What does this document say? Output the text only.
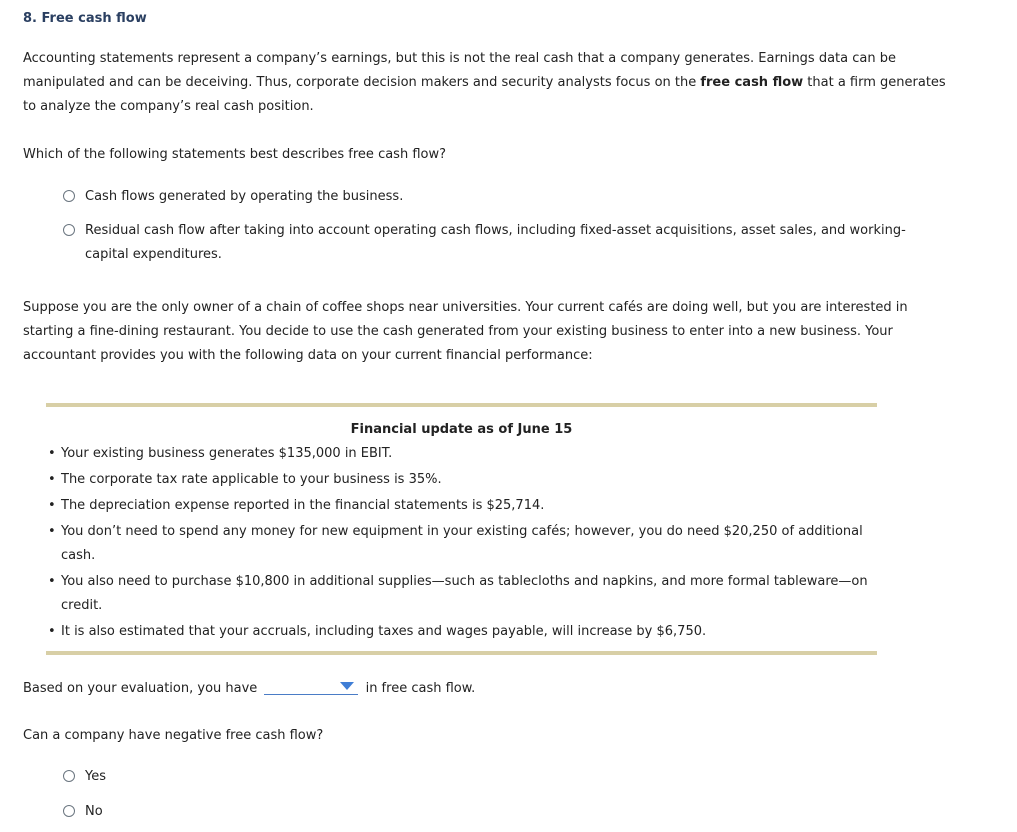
8. Free cash flow

Accounting statements represent a company’s earnings, but this is not the real cash that a company generates. Earnings data can be manipulated and can be deceiving. Thus, corporate decision makers and security analysts focus on the free cash flow that a firm generates to analyze the company’s real cash position.

Which of the following statements best describes free cash flow?

Cash flows generated by operating the business.
Residual cash flow after taking into account operating cash flows, including fixed-asset acquisitions, asset sales, and working-capital expenditures.

Suppose you are the only owner of a chain of coffee shops near universities. Your current cafés are doing well, but you are interested in starting a fine-dining restaurant. You decide to use the cash generated from your existing business to enter into a new business. Your accountant provides you with the following data on your current financial performance:

Financial update as of June 15
• Your existing business generates $135,000 in EBIT.
• The corporate tax rate applicable to your business is 35%.
• The depreciation expense reported in the financial statements is $25,714.
• You don’t need to spend any money for new equipment in your existing cafés; however, you do need $20,250 of additional cash.
• You also need to purchase $10,800 in additional supplies—such as tablecloths and napkins, and more formal tableware—on credit.
• It is also estimated that your accruals, including taxes and wages payable, will increase by $6,750.
Based on your evaluation, you have	in free cash flow.

Can a company have negative free cash flow?

Yes
No
